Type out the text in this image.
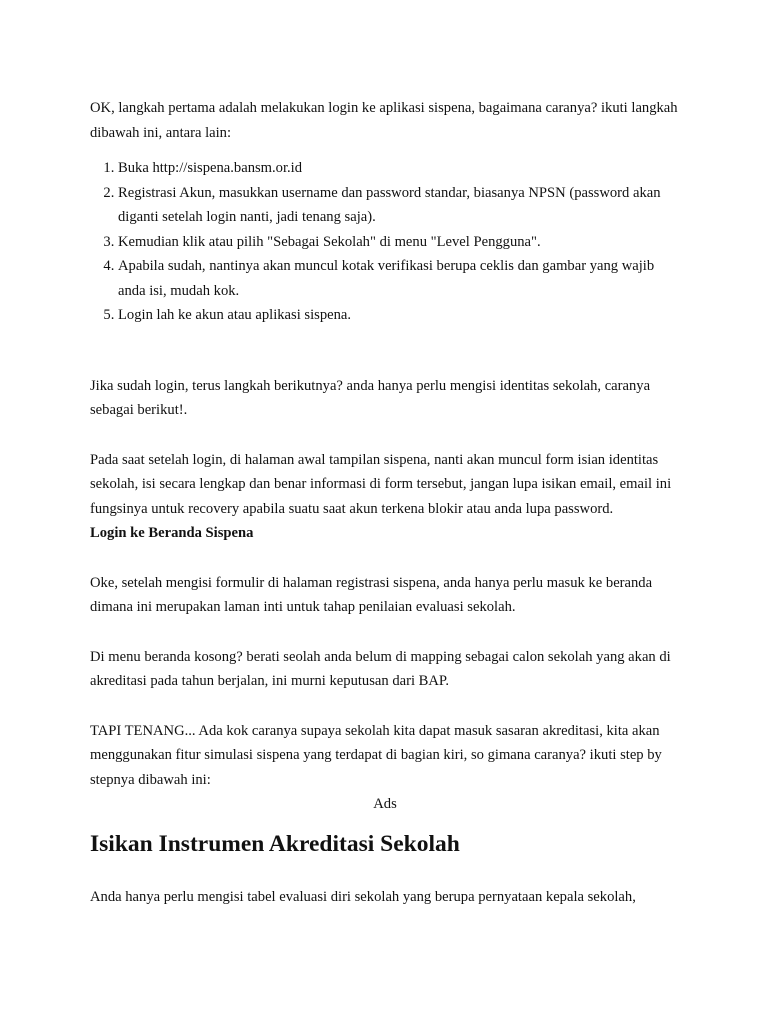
OK, langkah pertama adalah melakukan login ke aplikasi sispena, bagaimana caranya? ikuti langkah dibawah ini, antara lain:

1. Buka http://sispena.bansm.or.id
2. Registrasi Akun, masukkan username dan password standar, biasanya NPSN (password akan diganti setelah login nanti, jadi tenang saja).
3. Kemudian klik atau pilih "Sebagai Sekolah" di menu "Level Pengguna".
4. Apabila sudah, nantinya akan muncul kotak verifikasi berupa ceklis dan gambar yang wajib anda isi, mudah kok.
5. Login lah ke akun atau aplikasi sispena.

Jika sudah login, terus langkah berikutnya? anda hanya perlu mengisi identitas sekolah, caranya sebagai berikut!.

Pada saat setelah login, di halaman awal tampilan sispena, nanti akan muncul form isian identitas sekolah, isi secara lengkap dan benar informasi di form tersebut, jangan lupa isikan email, email ini fungsinya untuk recovery apabila suatu saat akun terkena blokir atau anda lupa password.

Login ke Beranda Sispena

Oke, setelah mengisi formulir di halaman registrasi sispena, anda hanya perlu masuk ke beranda dimana ini merupakan laman inti untuk tahap penilaian evaluasi sekolah.

Di menu beranda kosong? berati seolah anda belum di mapping sebagai calon sekolah yang akan di akreditasi pada tahun berjalan, ini murni keputusan dari BAP.

TAPI TENANG... Ada kok caranya supaya sekolah kita dapat masuk sasaran akreditasi, kita akan menggunakan fitur simulasi sispena yang terdapat di bagian kiri, so gimana caranya? ikuti step by stepnya dibawah ini:

Ads

Isikan Instrumen Akreditasi Sekolah

Anda hanya perlu mengisi tabel evaluasi diri sekolah yang berupa pernyataan kepala sekolah,
